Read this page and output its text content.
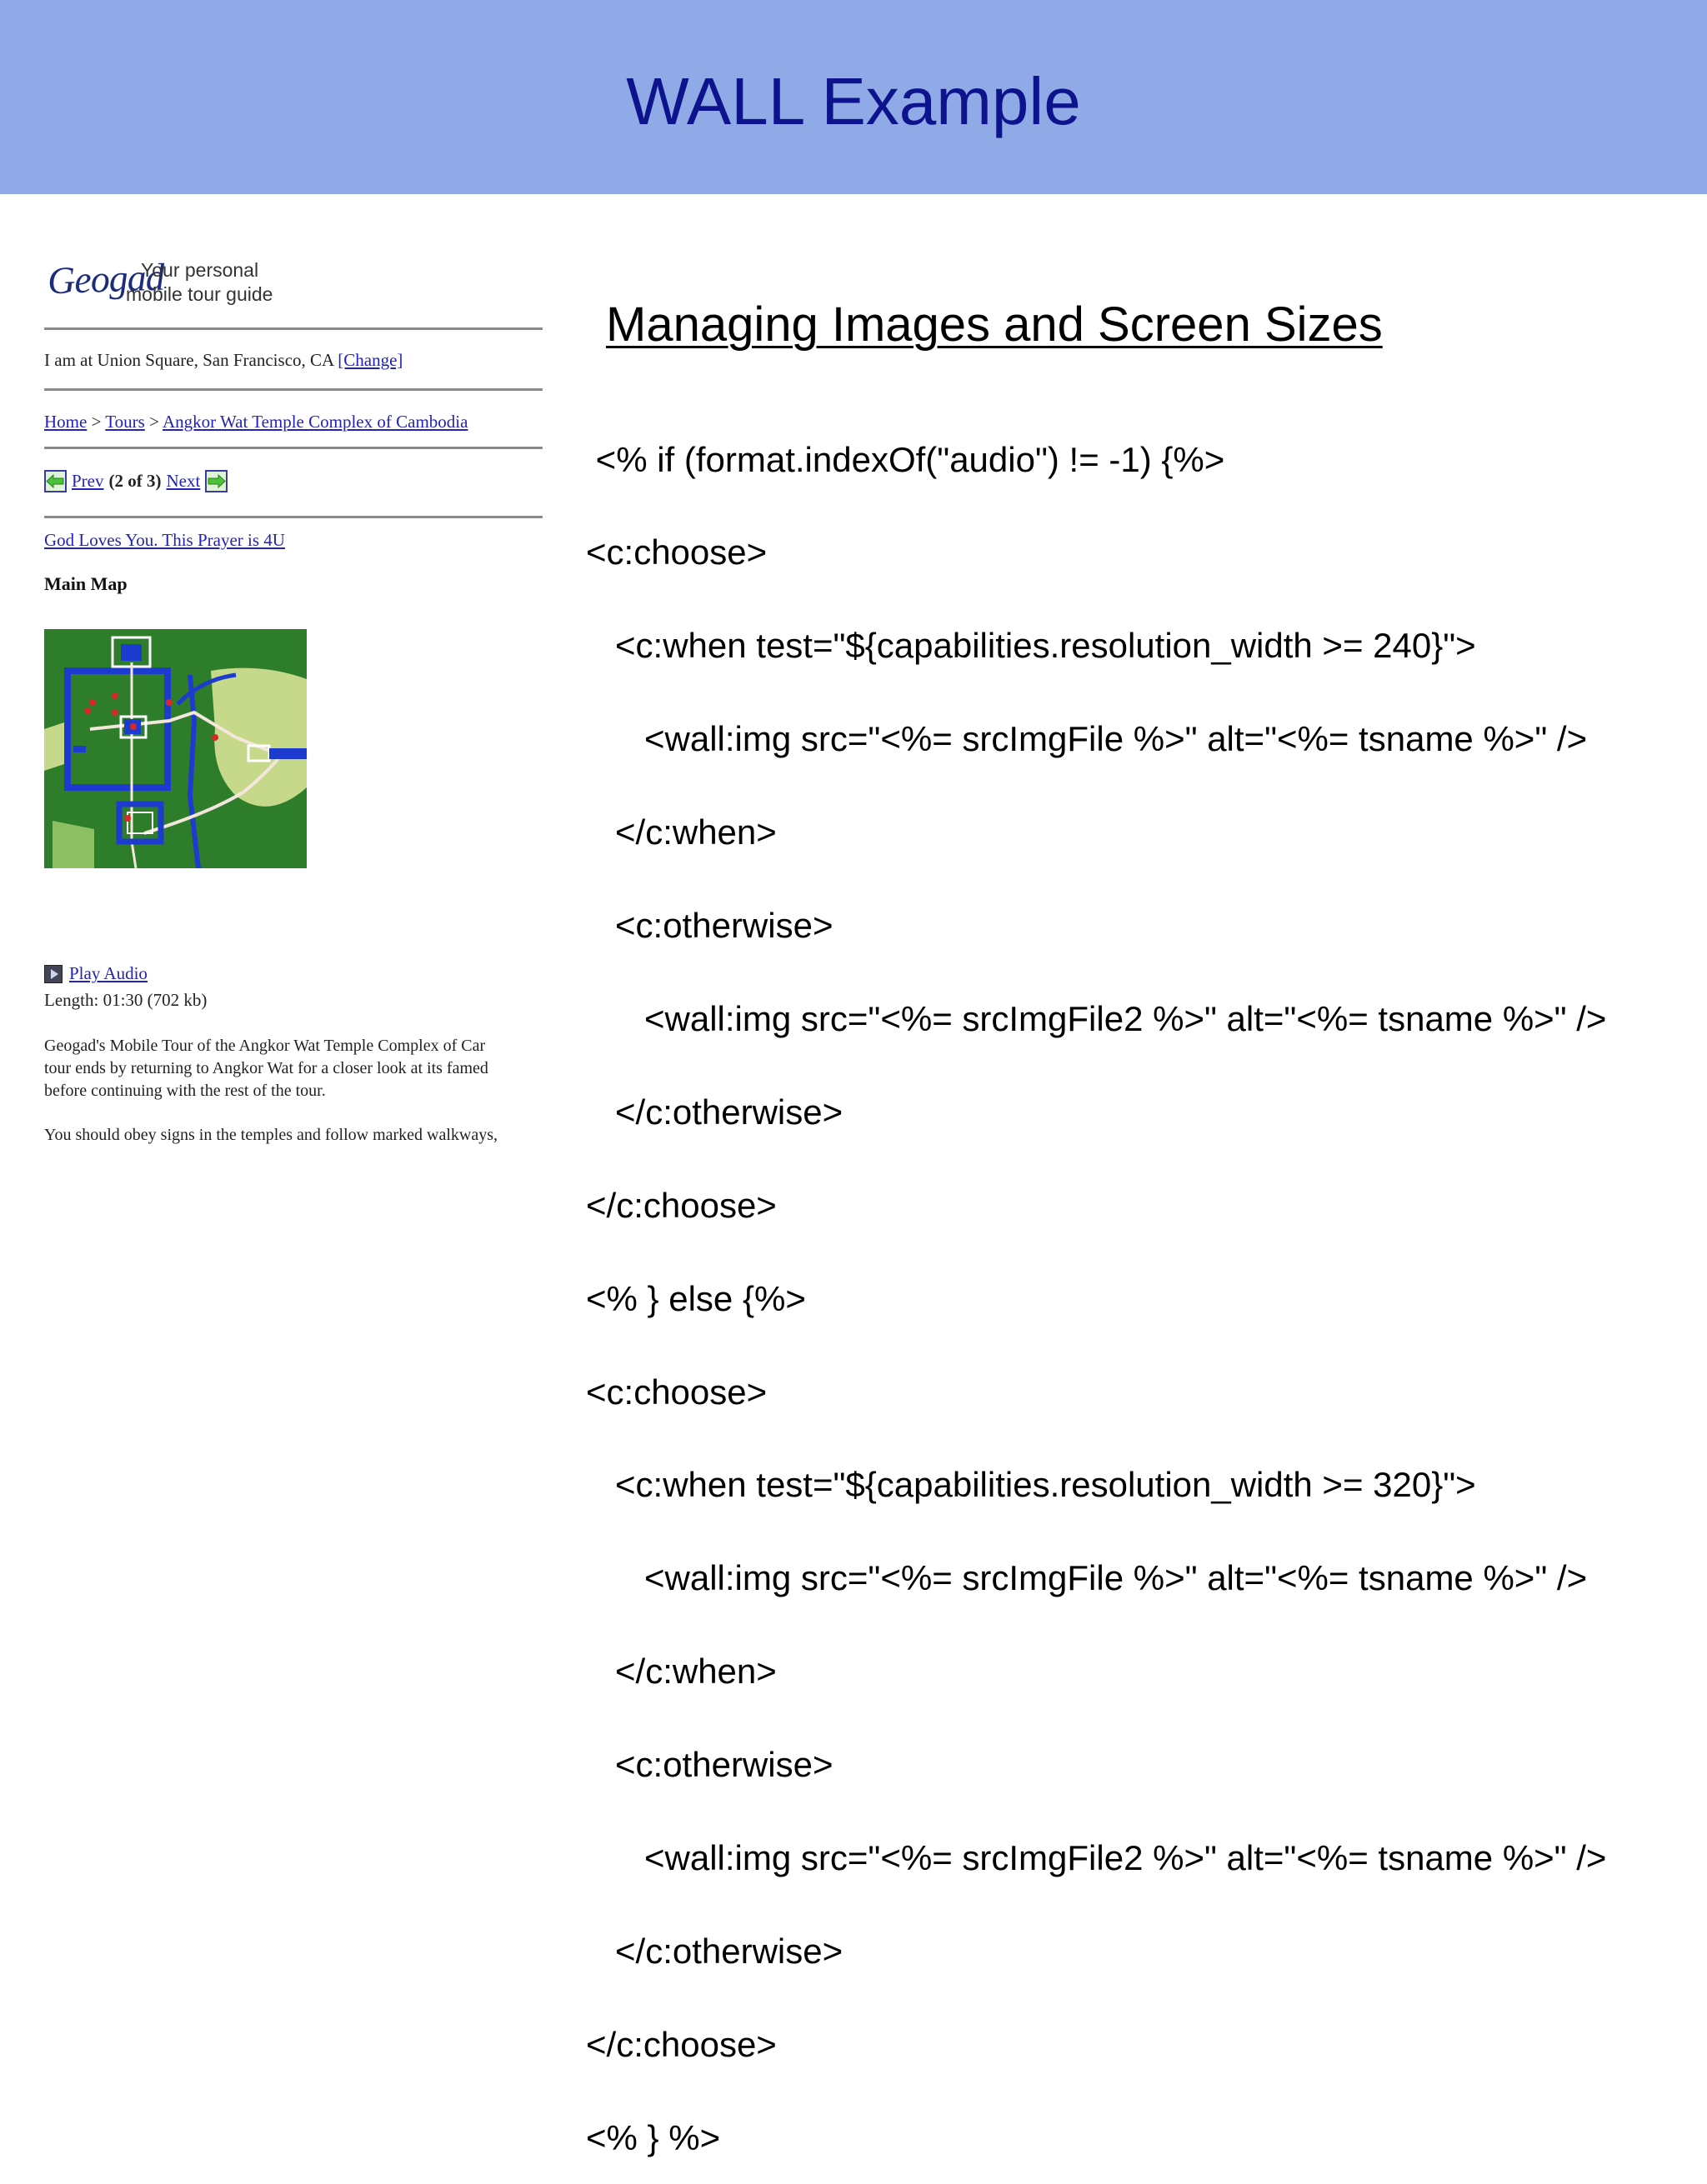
WALL Example
Geogad
Your personal
mobile tour guide
I am at Union Square, San Francisco, CA [Change]
Home > Tours > Angkor Wat Temple Complex of Cambodia
Prev (2 of 3) Next
God Loves You. This Prayer is 4U
Main Map
Play Audio
Length: 01:30 (702 kb)
Geogad's Mobile Tour of the Angkor Wat Temple Complex of Car
tour ends by returning to Angkor Wat for a closer look at its famed
before continuing with the rest of the tour.
You should obey signs in the temples and follow marked walkways,
Managing Images and Screen Sizes

<% if (format.indexOf("audio") != -1) {%>

<c:choose>

<c:when test="${capabilities.resolution_width >= 240}">

<wall:img src="<%= srcImgFile %>" alt="<%= tsname %>" />

</c:when>

<c:otherwise>

<wall:img src="<%= srcImgFile2 %>" alt="<%= tsname %>" />

</c:otherwise>

</c:choose>

<% } else {%>

<c:choose>

<c:when test="${capabilities.resolution_width >= 320}">

<wall:img src="<%= srcImgFile %>" alt="<%= tsname %>" />

</c:when>

<c:otherwise>

<wall:img src="<%= srcImgFile2 %>" alt="<%= tsname %>" />

</c:otherwise>

</c:choose>

<% } %>
